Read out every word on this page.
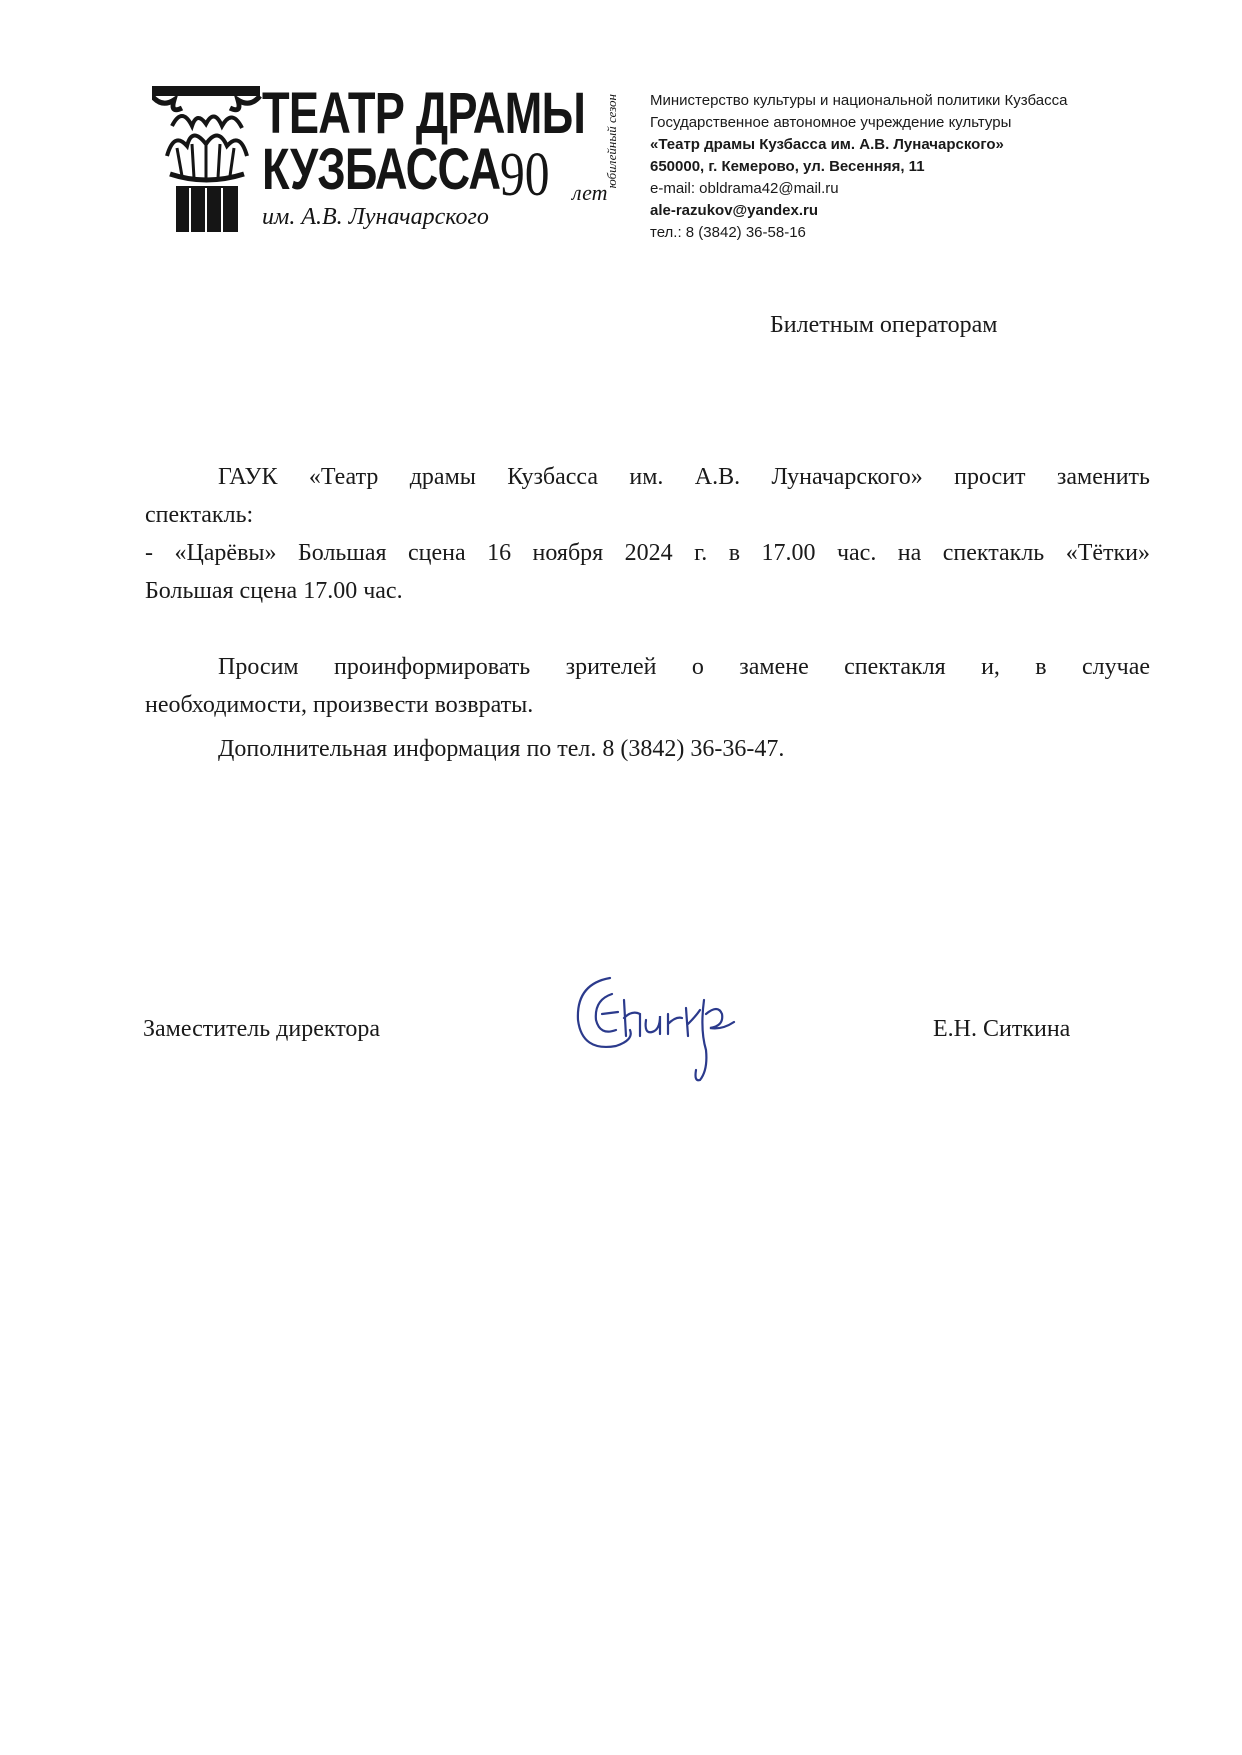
ТЕАТР ДРАМЫ
КУЗБАССА 90 лет
юбилейный сезон
им. А.В. Луначарского
Министерство культуры и национальной политики Кузбасса
Государственное автономное учреждение культуры
«Театр драмы Кузбасса им. А.В. Луначарского»
650000, г. Кемерово, ул. Весенняя, 11
e-mail: obldrama42@mail.ru
ale-razukov@yandex.ru
тел.: 8 (3842) 36-58-16
Билетным операторам
ГАУК «Театр драмы Кузбасса им. А.В. Луначарского» просит заменить
спектакль:
- «Царёвы» Большая сцена 16 ноября 2024 г. в 17.00 час. на спектакль «Тётки»
Большая сцена 17.00 час.
Просим проинформировать зрителей о замене спектакля и, в случае
необходимости, произвести возвраты.
Дополнительная информация по тел. 8 (3842) 36-36-47.
Заместитель директора	Е.Н. Ситкина
